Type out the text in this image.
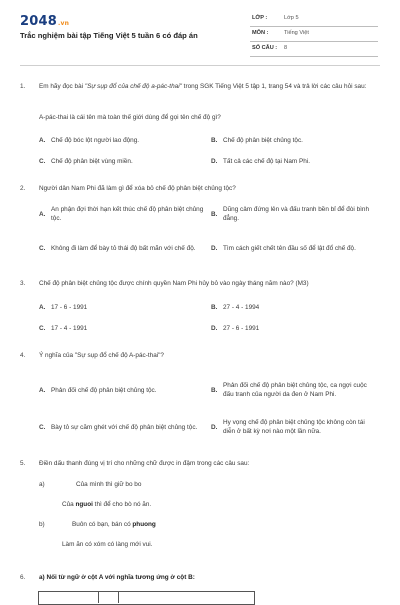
2048.vn
Trắc nghiệm bài tập Tiếng Việt 5 tuần 6 có đáp án
LỚP :	Lớp 5
MÔN :	Tiếng Việt
SỐ CÂU : 8
1. Em hãy đọc bài "Sự sụp đổ của chế độ a-pác-thai" trong SGK Tiếng Việt 5 tập 1, trang 54 và trả lời các câu hỏi sau:
A-pác-thai là cái tên mà toàn thế giới dùng để gọi tên chế độ gì?
A. Chế độ bóc lột người lao động.	B. Chế độ phân biệt chủng tộc.
C. Chế độ phân biệt vùng miền.	D. Tất cả các chế độ tại Nam Phi.
2. Người dân Nam Phi đã làm gì để xóa bỏ chế độ phân biệt chủng tộc?
A.
An phận đợi thời hạn kết thúc chế độ phân biệt chủng tộc.
B.
Dũng cảm đứng lên và đấu tranh bền bỉ để đòi bình đẳng.
C. Không đi làm để bày tỏ thái độ bất mãn với chế độ.	D. Tìm cách giết chết tên đầu số để lật đổ chế độ.
3. Chế độ phân biệt chủng tộc được chính quyền Nam Phi hủy bỏ vào ngày tháng năm nào? (M3)
A. 17 - 6 - 1991	B. 27 - 4 - 1994
C. 17 - 4 - 1991	D. 27 - 6 - 1991
4. Ý nghĩa của "Sự sụp đổ chế độ A-pác-thai"?
A. Phản đối chế độ phân biệt chủng tộc.	B.
Phản đối chế độ phân biệt chủng tộc, ca ngợi cuộc đấu tranh của người da đen ở Nam Phi.
C. Bày tỏ sự căm ghét với chế độ phân biệt chủng tộc.	D.
Hy vọng chế độ phân biệt chủng tộc không còn tái diễn ở bất kỳ nơi nào một lần nữa.
5. Điền dấu thanh đúng vị trí cho những chữ được in đậm trong các câu sau:
a)	Của mình thì giữ bo bo
Của nguoi thì để cho bò nó ăn.
b)	Buôn có bạn, bán có phuong
Làm ăn có xóm có làng mới vui.
6. a) Nối từ ngữ ở cột A với nghĩa tương ứng ở cột B:
